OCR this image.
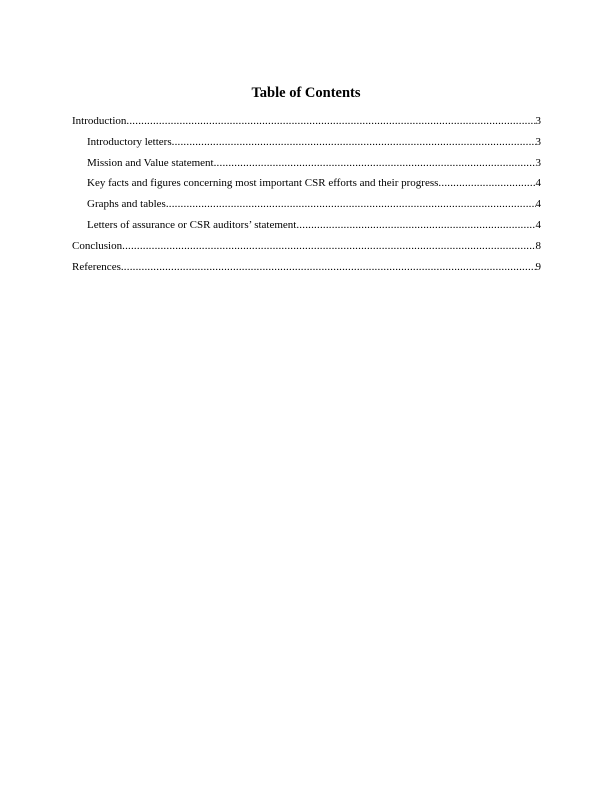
Table of Contents
Introduction .....	3
Introductory letters .....	3
Mission and Value statement .....	3
Key facts and figures concerning most important CSR efforts and their progress .....	4
Graphs and tables .....	4
Letters of assurance or CSR auditors’ statement .....	4
Conclusion .....	8
References .....	9
